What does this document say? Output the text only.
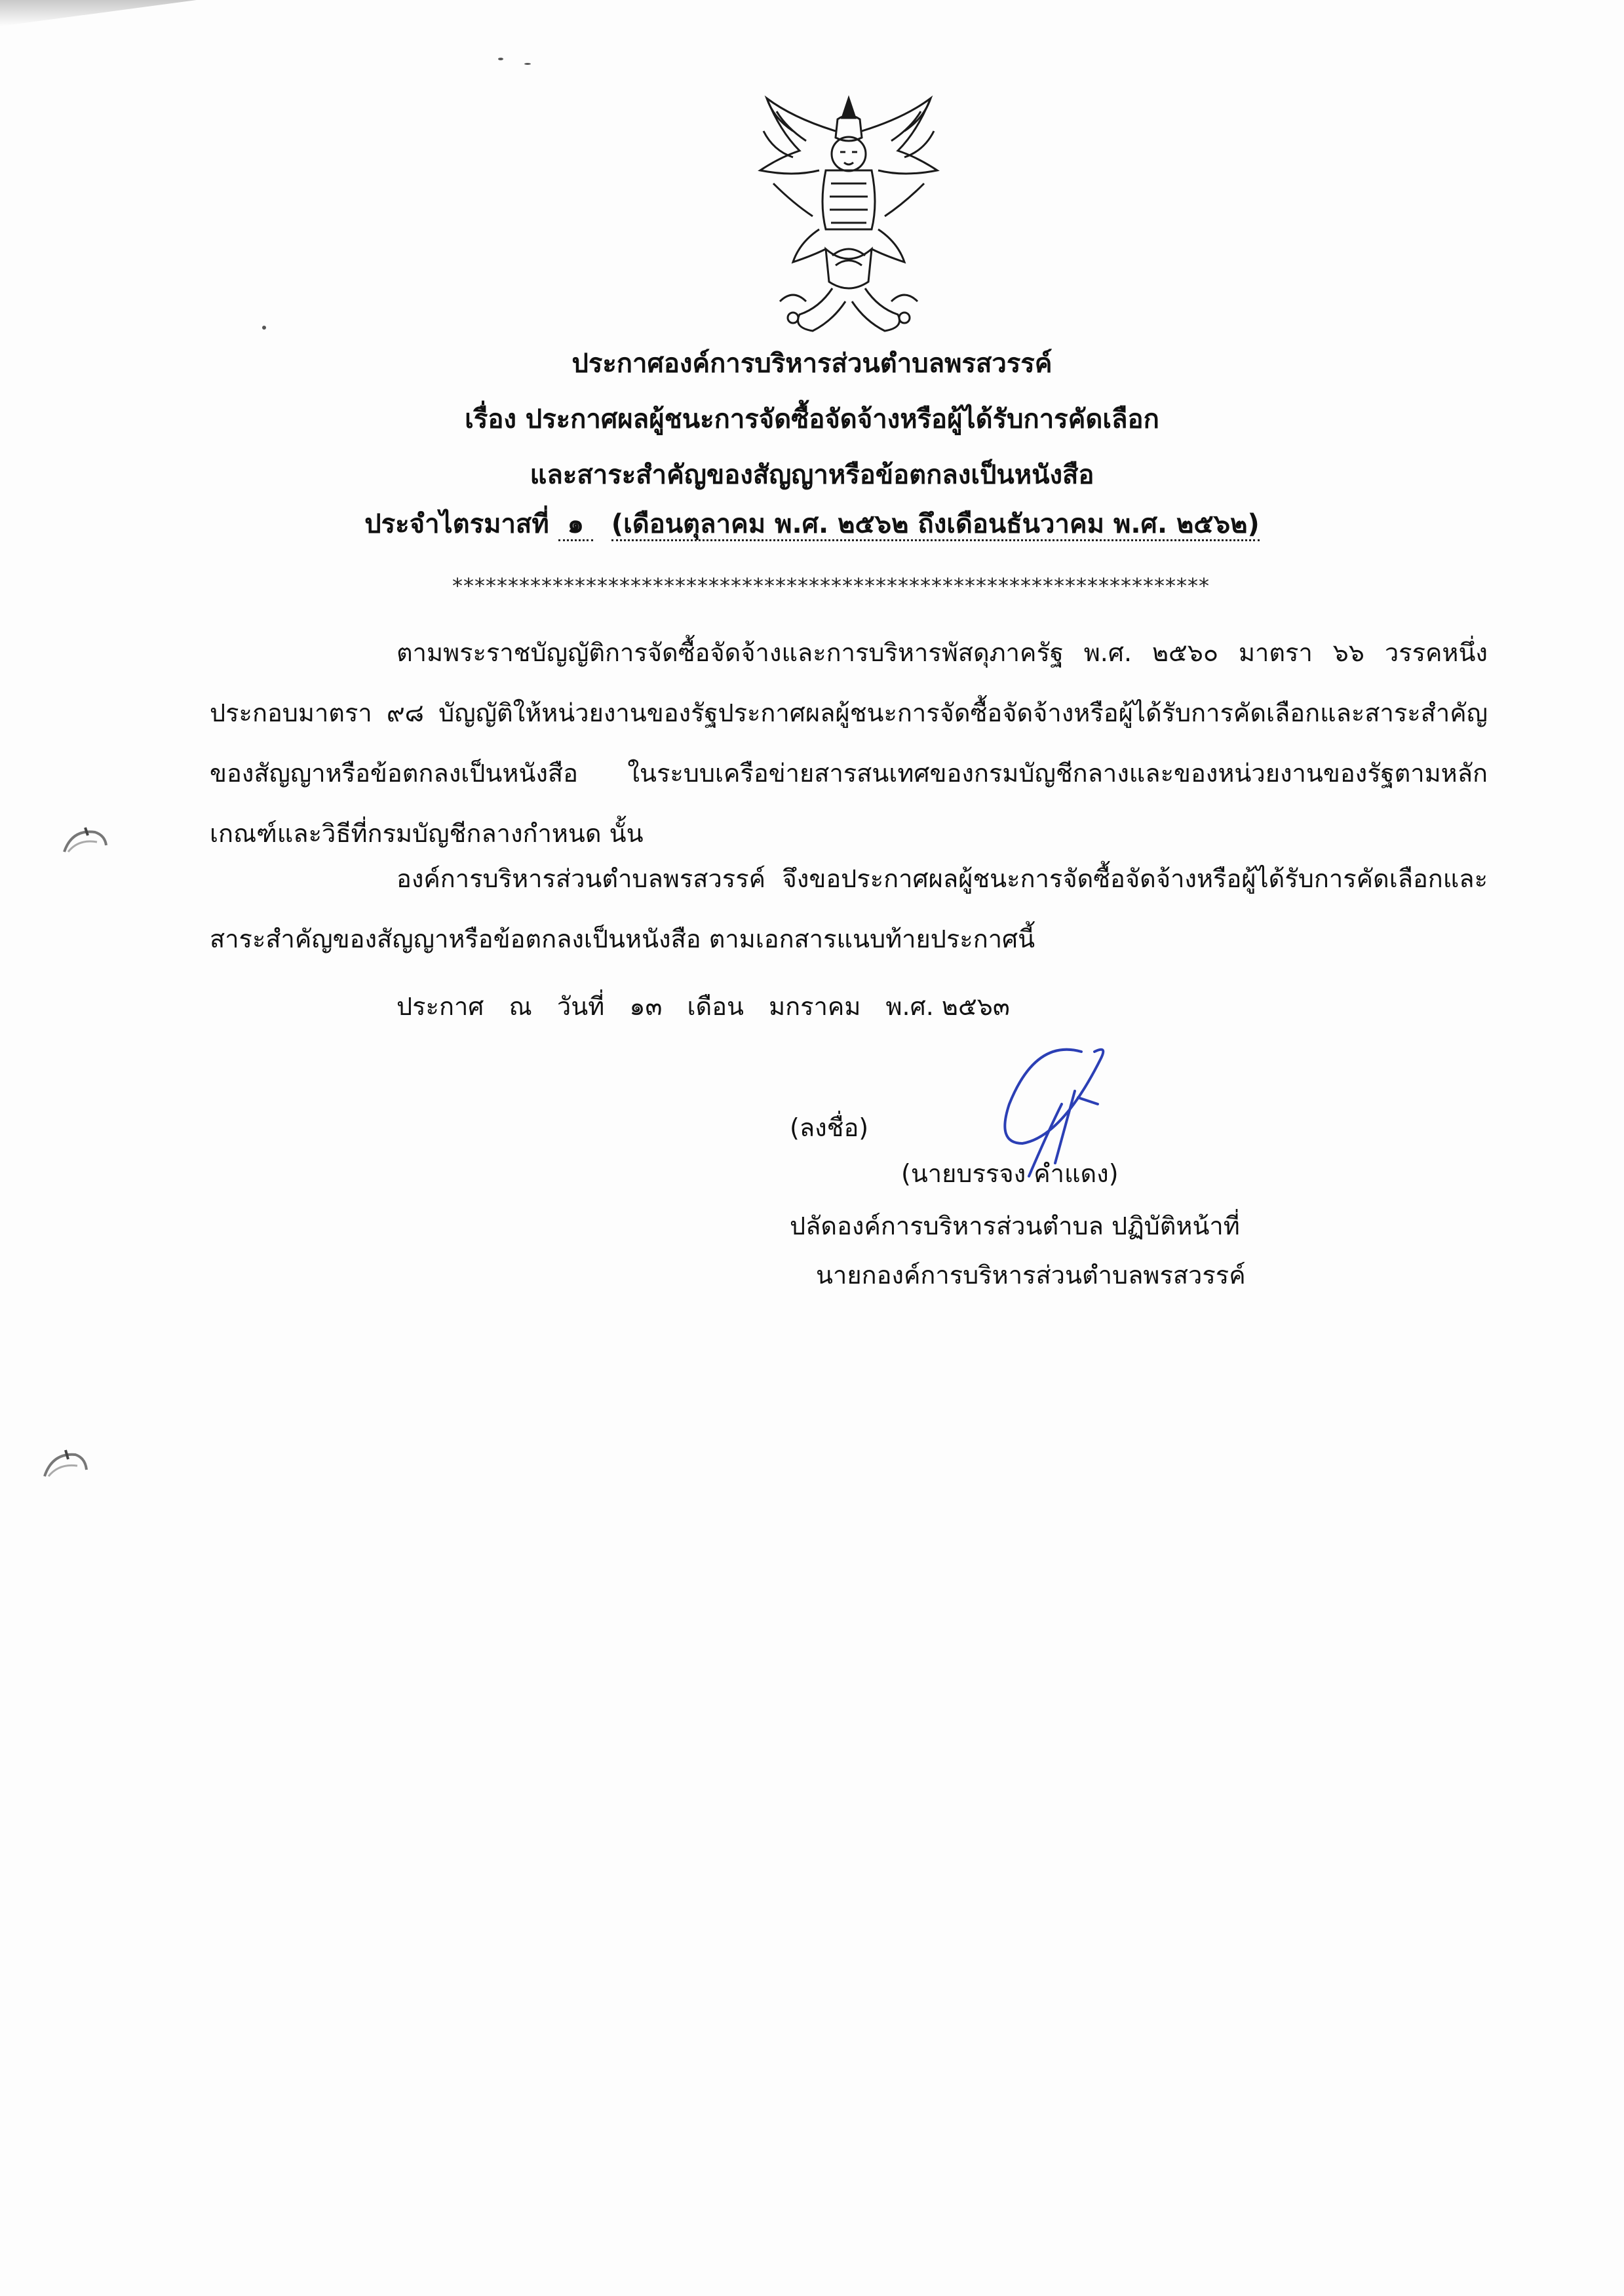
ประกาศองค์การบริหารส่วนตำบลพรสวรรค์
เรื่อง ประกาศผลผู้ชนะการจัดซื้อจัดจ้างหรือผู้ได้รับการคัดเลือก
และสาระสำคัญของสัญญาหรือข้อตกลงเป็นหนังสือ
ประจำไตรมาสที่ ๑ (เดือนตุลาคม พ.ศ. ๒๕๖๒ ถึงเดือนธันวาคม พ.ศ. ๒๕๖๒)
********************************************************************
ตามพระราชบัญญัติการจัดซื้อจัดจ้างและการบริหารพัสดุภาครัฐ พ.ศ. ๒๕๖๐ มาตรา ๖๖ วรรคหนึ่งประกอบมาตรา ๙๘ บัญญัติให้หน่วยงานของรัฐประกาศผลผู้ชนะการจัดซื้อจัดจ้างหรือผู้ได้รับการคัดเลือกและสาระสำคัญของสัญญาหรือข้อตกลงเป็นหนังสือ ในระบบเครือข่ายสารสนเทศของกรมบัญชีกลางและของหน่วยงานของรัฐตามหลักเกณฑ์และวิธีที่กรมบัญชีกลางกำหนด นั้น
องค์การบริหารส่วนตำบลพรสวรรค์ จึงขอประกาศผลผู้ชนะการจัดซื้อจัดจ้างหรือผู้ได้รับการคัดเลือกและสาระสำคัญของสัญญาหรือข้อตกลงเป็นหนังสือ ตามเอกสารแนบท้ายประกาศนี้
ประกาศ ณ วันที่ ๑๓ เดือน มกราคม พ.ศ. ๒๕๖๓
(ลงชื่อ)
(นายบรรจง คำแดง)
ปลัดองค์การบริหารส่วนตำบล ปฏิบัติหน้าที่
นายกองค์การบริหารส่วนตำบลพรสวรรค์
